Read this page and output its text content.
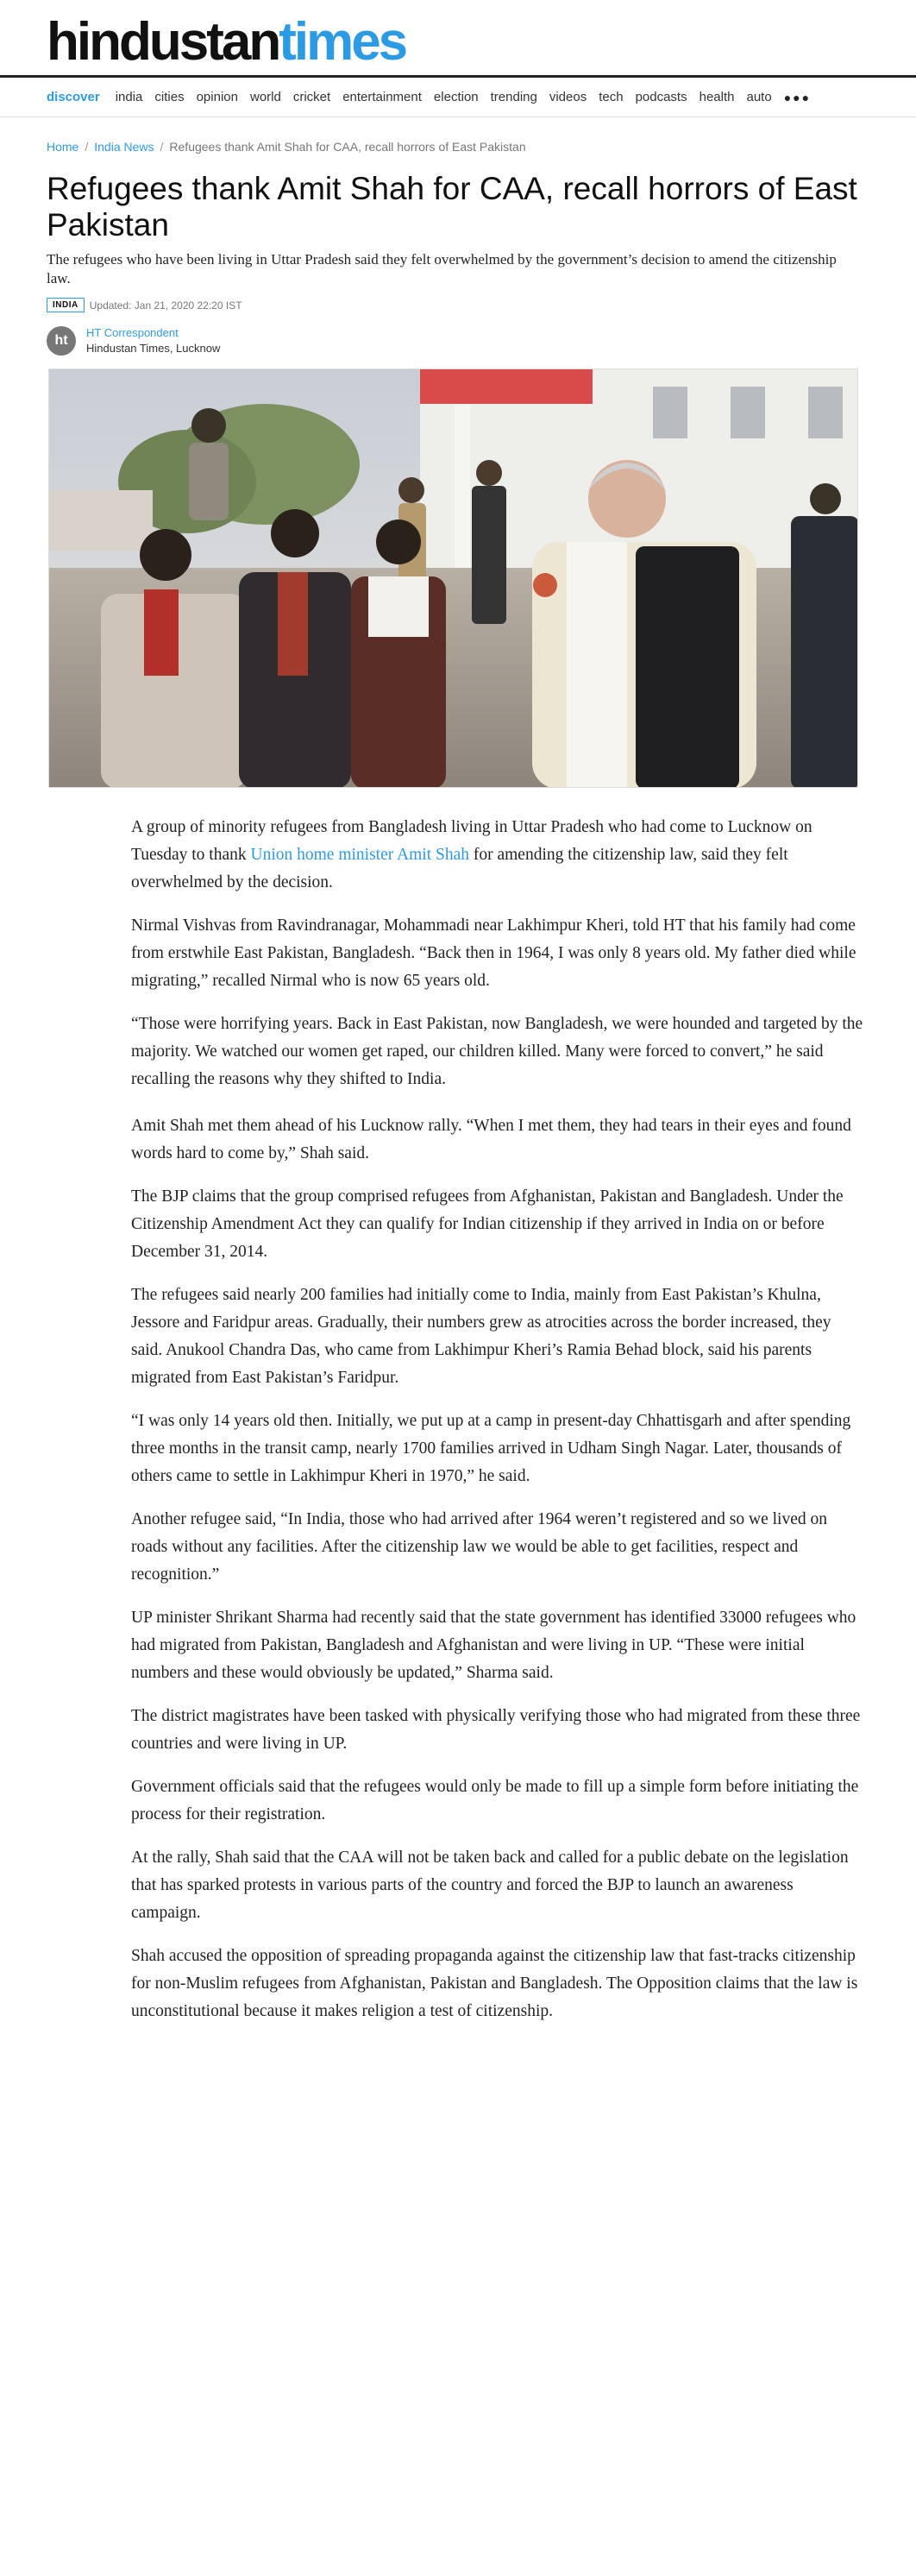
hindustantimes
discover india cities opinion world cricket entertainment election trending videos tech podcasts health auto ●●●
Home / India News / Refugees thank Amit Shah for CAA, recall horrors of East Pakistan
Refugees thank Amit Shah for CAA, recall horrors of East Pakistan

The refugees who have been living in Uttar Pradesh said they felt overwhelmed by the government’s decision to amend the citizenship law.

INDIA	Updated: Jan 21, 2020 22:20 IST
ht
HT Correspondent
Hindustan Times, Lucknow

A group of minority refugees from Bangladesh living in Uttar Pradesh who had come to Lucknow on Tuesday to thank Union home minister Amit Shah for amending the citizenship law, said they felt overwhelmed by the decision.

Nirmal Vishvas from Ravindranagar, Mohammadi near Lakhimpur Kheri, told HT that his family had come from erstwhile East Pakistan, Bangladesh. “Back then in 1964, I was only 8 years old. My father died while migrating,” recalled Nirmal who is now 65 years old.

“Those were horrifying years. Back in East Pakistan, now Bangladesh, we were hounded and targeted by the majority. We watched our women get raped, our children killed. Many were forced to convert,” he said recalling the reasons why they shifted to India.

Amit Shah met them ahead of his Lucknow rally. “When I met them, they had tears in their eyes and found words hard to come by,” Shah said.

The BJP claims that the group comprised refugees from Afghanistan, Pakistan and Bangladesh. Under the Citizenship Amendment Act they can qualify for Indian citizenship if they arrived in India on or before December 31, 2014.

The refugees said nearly 200 families had initially come to India, mainly from East Pakistan’s Khulna, Jessore and Faridpur areas. Gradually, their numbers grew as atrocities across the border increased, they said. Anukool Chandra Das, who came from Lakhimpur Kheri’s Ramia Behad block, said his parents migrated from East Pakistan’s Faridpur.

“I was only 14 years old then. Initially, we put up at a camp in present-day Chhattisgarh and after spending three months in the transit camp, nearly 1700 families arrived in Udham Singh Nagar. Later, thousands of others came to settle in Lakhimpur Kheri in 1970,” he said.

Another refugee said, “In India, those who had arrived after 1964 weren’t registered and so we lived on roads without any facilities. After the citizenship law we would be able to get facilities, respect and recognition.”

UP minister Shrikant Sharma had recently said that the state government has identified 33000 refugees who had migrated from Pakistan, Bangladesh and Afghanistan and were living in UP. “These were initial numbers and these would obviously be updated,” Sharma said.

The district magistrates have been tasked with physically verifying those who had migrated from these three countries and were living in UP.

Government officials said that the refugees would only be made to fill up a simple form before initiating the process for their registration.

At the rally, Shah said that the CAA will not be taken back and called for a public debate on the legislation that has sparked protests in various parts of the country and forced the BJP to launch an awareness campaign.

Shah accused the opposition of spreading propaganda against the citizenship law that fast-tracks citizenship for non-Muslim refugees from Afghanistan, Pakistan and Bangladesh. The Opposition claims that the law is unconstitutional because it makes religion a test of citizenship.
